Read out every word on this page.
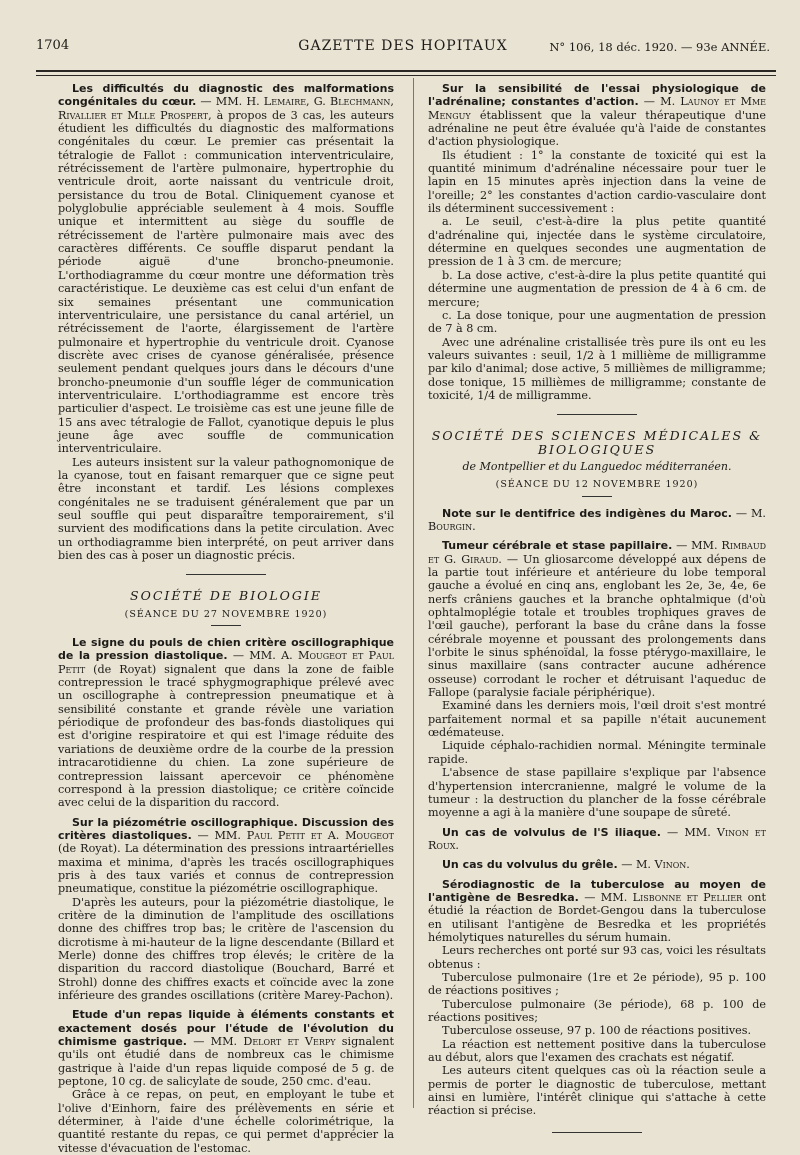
1704	GAZETTE DES HOPITAUX	N° 106, 18 déc. 1920. — 93e ANNÉE.

Les difficultés du diagnostic des malformations congénitales du cœur. — MM. H. Lemaire, G. Blechmann, Rivallier et Mlle Prospert, à propos de 3 cas, les auteurs étudient les difficultés du diagnostic des malformations congénitales du cœur. Le premier cas présentait la tétralogie de Fallot : communication interventriculaire, rétrécissement de l'artère pulmonaire, hypertrophie du ventricule droit, aorte naissant du ventricule droit, persistance du trou de Botal. Cliniquement cyanose et polyglobulie appréciable seulement à 4 mois. Souffle unique et intermittent au siège du souffle de rétrécissement de l'artère pulmonaire mais avec des caractères différents. Ce souffle disparut pendant la période aiguë d'une broncho-pneumonie. L'orthodiagramme du cœur montre une déformation très caractéristique. Le deuxième cas est celui d'un enfant de six semaines présentant une communication interventriculaire, une persistance du canal artériel, un rétrécissement de l'aorte, élargissement de l'artère pulmonaire et hypertrophie du ventricule droit. Cyanose discrète avec crises de cyanose généralisée, présence seulement pendant quelques jours dans le décours d'une broncho-pneumonie d'un souffle léger de communication interventriculaire. L'orthodiagramme est encore très particulier d'aspect. Le troisième cas est une jeune fille de 15 ans avec tétralogie de Fallot, cyanotique depuis le plus jeune âge avec souffle de communication interventriculaire.

Les auteurs insistent sur la valeur pathognomonique de la cyanose, tout en faisant remarquer que ce signe peut être inconstant et tardif. Les lésions complexes congénitales ne se traduisent généralement que par un seul souffle qui peut disparaître temporairement, s'il survient des modifications dans la petite circulation. Avec un orthodiagramme bien interprété, on peut arriver dans bien des cas à poser un diagnostic précis.

SOCIÉTÉ DE BIOLOGIE
(SÉANCE DU 27 NOVEMBRE 1920)

Le signe du pouls de chien critère oscillographique de la pression diastolique. — MM. A. Mougeot et Paul Petit (de Royat) signalent que dans la zone de faible contrepression le tracé sphygmographique prélevé avec un oscillographe à contrepression pneumatique et à sensibilité constante et grande révèle une variation périodique de profondeur des bas-fonds diastoliques qui est d'origine respiratoire et qui est l'image réduite des variations de deuxième ordre de la courbe de la pression intracarotidienne du chien. La zone supérieure de contrepression laissant apercevoir ce phénomène correspond à la pression diastolique; ce critère coïncide avec celui de la disparition du raccord.

Sur la piézométrie oscillographique. Discussion des critères diastoliques. — MM. Paul Petit et A. Mougeot (de Royat). La détermination des pressions intraartérielles maxima et minima, d'après les tracés oscillographiques pris à des taux variés et connus de contrepression pneumatique, constitue la piézométrie oscillographique.

D'après les auteurs, pour la piézométrie diastolique, le critère de la diminution de l'amplitude des oscillations donne des chiffres trop bas; le critère de l'ascension du dicrotisme à mi-hauteur de la ligne descendante (Billard et Merle) donne des chiffres trop élevés; le critère de la disparition du raccord diastolique (Bouchard, Barré et Strohl) donne des chiffres exacts et coïncide avec la zone inférieure des grandes oscillations (critère Marey-Pachon).

Etude d'un repas liquide à éléments constants et exactement dosés pour l'étude de l'évolution du chimisme gastrique. — MM. Delort et Verpy signalent qu'ils ont étudié dans de nombreux cas le chimisme gastrique à l'aide d'un repas liquide composé de 5 g. de peptone, 10 cg. de salicylate de soude, 250 cmc. d'eau.

Grâce à ce repas, on peut, en employant le tube et l'olive d'Einhorn, faire des prélèvements en série et déterminer, à l'aide d'une échelle colorimétrique, la quantité restante du repas, ce qui permet d'apprécier la vitesse d'évacuation de l'estomac.

Sur la sensibilité de l'essai physiologique de l'adrénaline; constantes d'action. — M. Launoy et Mme Menguy établissent que la valeur thérapeutique d'une adrénaline ne peut être évaluée qu'à l'aide de constantes d'action physiologique.

Ils étudient : 1° la constante de toxicité qui est la quantité minimum d'adrénaline nécessaire pour tuer le lapin en 15 minutes après injection dans la veine de l'oreille; 2° les constantes d'action cardio-vasculaire dont ils déterminent successivement :

a. Le seuil, c'est-à-dire la plus petite quantité d'adrénaline qui, injectée dans le système circulatoire, détermine en quelques secondes une augmentation de pression de 1 à 3 cm. de mercure;

b. La dose active, c'est-à-dire la plus petite quantité qui détermine une augmentation de pression de 4 à 6 cm. de mercure;

c. La dose tonique, pour une augmentation de pression de 7 à 8 cm.

Avec une adrénaline cristallisée très pure ils ont eu les valeurs suivantes : seuil, 1/2 à 1 millième de milligramme par kilo d'animal; dose active, 5 millièmes de milligramme; dose tonique, 15 millièmes de milligramme; constante de toxicité, 1/4 de milligramme.

SOCIÉTÉ DES SCIENCES MÉDICALES & BIOLOGIQUES
de Montpellier et du Languedoc méditerranéen.
(SÉANCE DU 12 NOVEMBRE 1920)

Note sur le dentifrice des indigènes du Maroc. — M. Bourgin.

Tumeur cérébrale et stase papillaire. — MM. Rimbaud et G. Giraud. — Un gliosarcome développé aux dépens de la partie tout inférieure et antérieure du lobe temporal gauche a évolué en cinq ans, englobant les 2e, 3e, 4e, 6e nerfs crâniens gauches et la branche ophtalmique (d'où ophtalmoplégie totale et troubles trophiques graves de l'œil gauche), perforant la base du crâne dans la fosse cérébrale moyenne et poussant des prolongements dans l'orbite le sinus sphénoïdal, la fosse ptérygo-maxillaire, le sinus maxillaire (sans contracter aucune adhérence osseuse) corrodant le rocher et détruisant l'aqueduc de Fallope (paralysie faciale périphérique).

Examiné dans les derniers mois, l'œil droit s'est montré parfaitement normal et sa papille n'était aucunement œdémateuse.

Liquide céphalo-rachidien normal. Méningite terminale rapide.

L'absence de stase papillaire s'explique par l'absence d'hypertension intercranienne, malgré le volume de la tumeur : la destruction du plancher de la fosse cérébrale moyenne a agi à la manière d'une soupape de sûreté.

Un cas de volvulus de l'S iliaque. — MM. Vinon et Roux.

Un cas du volvulus du grêle. — M. Vinon.

Sérodiagnostic de la tuberculose au moyen de l'antigène de Besredka. — MM. Lisbonne et Pellier ont étudié la réaction de Bordet-Gengou dans la tuberculose en utilisant l'antigène de Besredka et les propriétés hémolytiques naturelles du sérum humain.

Leurs recherches ont porté sur 93 cas, voici les résultats obtenus :

Tuberculose pulmonaire (1re et 2e période), 95 p. 100 de réactions positives ;

Tuberculose pulmonaire (3e période), 68 p. 100 de réactions positives;

Tuberculose osseuse, 97 p. 100 de réactions positives.

La réaction est nettement positive dans la tuberculose au début, alors que l'examen des crachats est négatif.

Les auteurs citent quelques cas où la réaction seule a permis de porter le diagnostic de tuberculose, mettant ainsi en lumière, l'intérêt clinique qui s'attache à cette réaction si précise.
